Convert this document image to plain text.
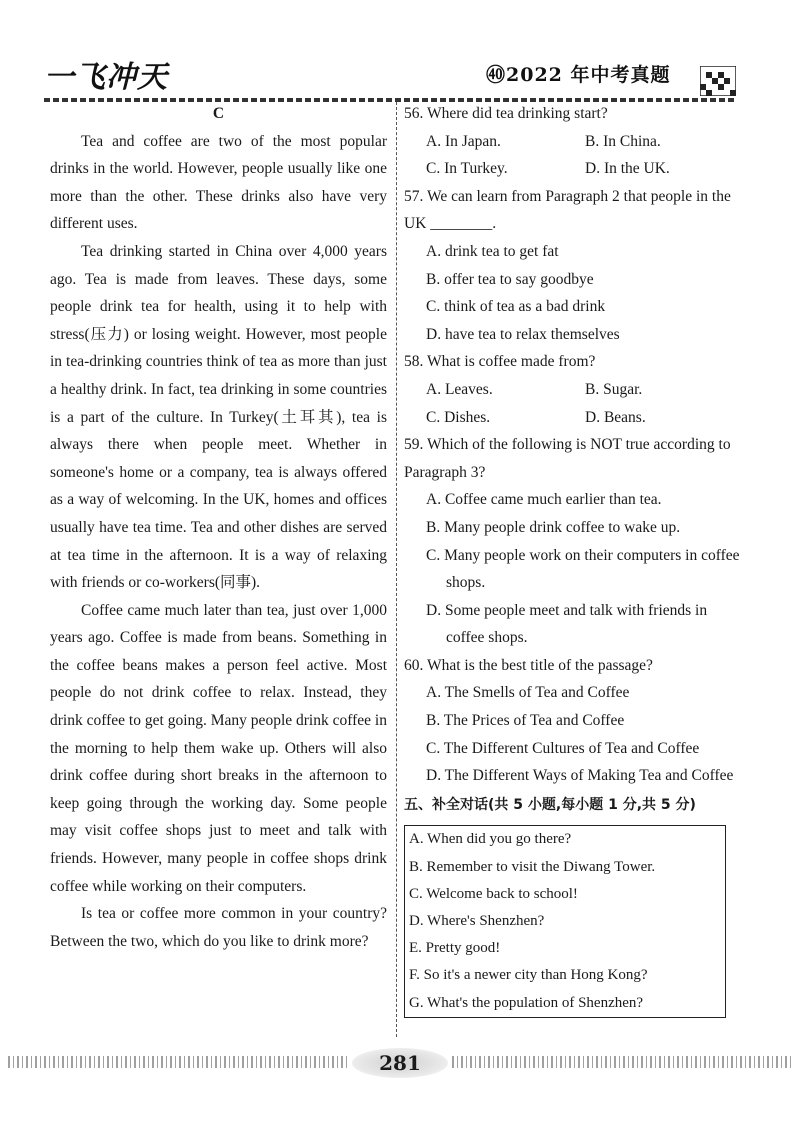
一飞冲天	㊵2022 年中考真题
C

Tea and coffee are two of the most popular drinks in the world. However, people usually like one more than the other. These drinks also have very different uses.

Tea drinking started in China over 4,000 years ago. Tea is made from leaves. These days, some people drink tea for health, using it to help with stress(压力) or losing weight. However, most people in tea-drinking countries think of tea as more than just a healthy drink. In fact, tea drinking in some countries is a part of the culture. In Turkey(土耳其), tea is always there when people meet. Whether in someone's home or a company, tea is always offered as a way of welcoming. In the UK, homes and offices usually have tea time. Tea and other dishes are served at tea time in the afternoon. It is a way of relaxing with friends or co-workers(同事).

Coffee came much later than tea, just over 1,000 years ago. Coffee is made from beans. Something in the coffee beans makes a person feel active. Most people do not drink coffee to relax. Instead, they drink coffee to get going. Many people drink coffee in the morning to help them wake up. Others will also drink coffee during short breaks in the afternoon to keep going through the working day. Some people may visit coffee shops just to meet and talk with friends. However, many people in coffee shops drink coffee while working on their computers.

Is tea or coffee more common in your country? Between the two, which do you like to drink more?

56. Where did tea drinking start?

A. In Japan.	B. In China.
C. In Turkey.	D. In the UK.

57. We can learn from Paragraph 2 that people in the UK ________.

A. drink tea to get fat
B. offer tea to say goodbye
C. think of tea as a bad drink
D. have tea to relax themselves

58. What is coffee made from?

A. Leaves.	B. Sugar.
C. Dishes.	D. Beans.

59. Which of the following is NOT true according to Paragraph 3?

A. Coffee came much earlier than tea.
B. Many people drink coffee to wake up.
C. Many people work on their computers in coffee shops.
D. Some people meet and talk with friends in coffee shops.

60. What is the best title of the passage?

A. The Smells of Tea and Coffee
B. The Prices of Tea and Coffee
C. The Different Cultures of Tea and Coffee
D. The Different Ways of Making Tea and Coffee
五、补全对话(共 5 小题,每小题 1 分,共 5 分)
A. When did you go there?
B. Remember to visit the Diwang Tower.
C. Welcome back to school!
D. Where's Shenzhen?
E. Pretty good!
F. So it's a newer city than Hong Kong?
G. What's the population of Shenzhen?
281
